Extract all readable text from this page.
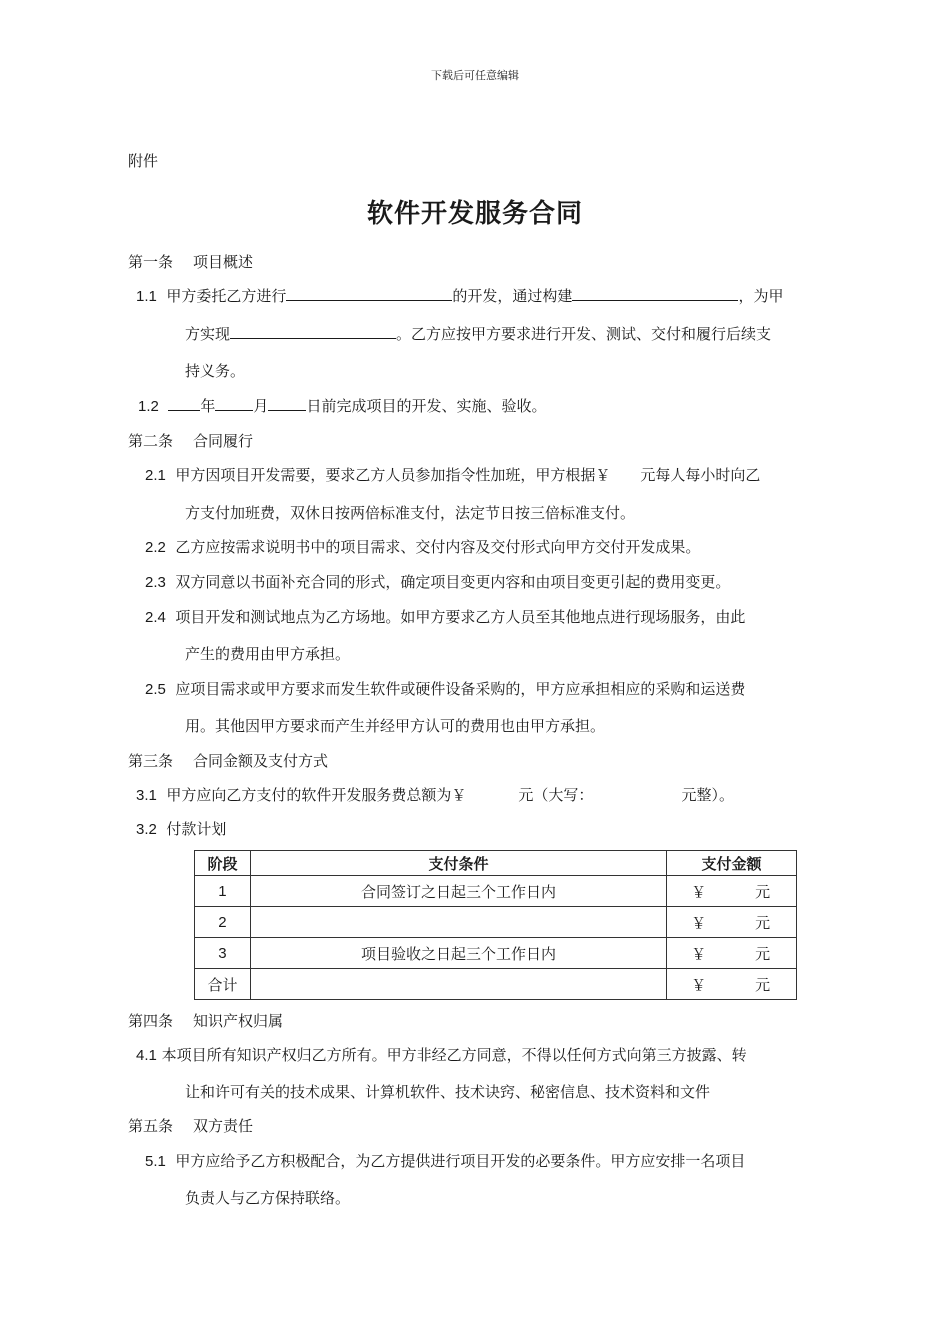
下载后可任意编辑
附件
软件开发服务合同
第一条 项目概述
1.1 甲方委托乙方进行	的开发，通过构建	，为甲
方实现	。乙方应按甲方要求进行开发、测试、交付和履行后续支
持义务。
1.2	年	月	日前完成项目的开发、实施、验收。
第二条 合同履行
2.1 甲方因项目开发需要，要求乙方人员参加指令性加班，甲方根据￥ 元每人每小时向乙
方支付加班费，双休日按两倍标准支付，法定节日按三倍标准支付。
2.2 乙方应按需求说明书中的项目需求、交付内容及交付形式向甲方交付开发成果。
2.3 双方同意以书面补充合同的形式，确定项目变更内容和由项目变更引起的费用变更。
2.4 项目开发和测试地点为乙方场地。如甲方要求乙方人员至其他地点进行现场服务，由此
产生的费用由甲方承担。
2.5 应项目需求或甲方要求而发生软件或硬件设备采购的，甲方应承担相应的采购和运送费
用。其他因甲方要求而产生并经甲方认可的费用也由甲方承担。
第三条 合同金额及支付方式
3.1 甲方应向乙方支付的软件开发服务费总额为￥	元（大写：	元整）。
3.2 付款计划
阶段	支付条件	支付金额
1	合同签订之日起三个工作日内	￥ 元
2		￥ 元
3	项目验收之日起三个工作日内	￥ 元
合计		￥ 元
第四条 知识产权归属
4.1 本项目所有知识产权归乙方所有。甲方非经乙方同意，不得以任何方式向第三方披露、转
让和许可有关的技术成果、计算机软件、技术诀窍、秘密信息、技术资料和文件
第五条 双方责任
5.1 甲方应给予乙方积极配合，为乙方提供进行项目开发的必要条件。甲方应安排一名项目
负责人与乙方保持联络。
